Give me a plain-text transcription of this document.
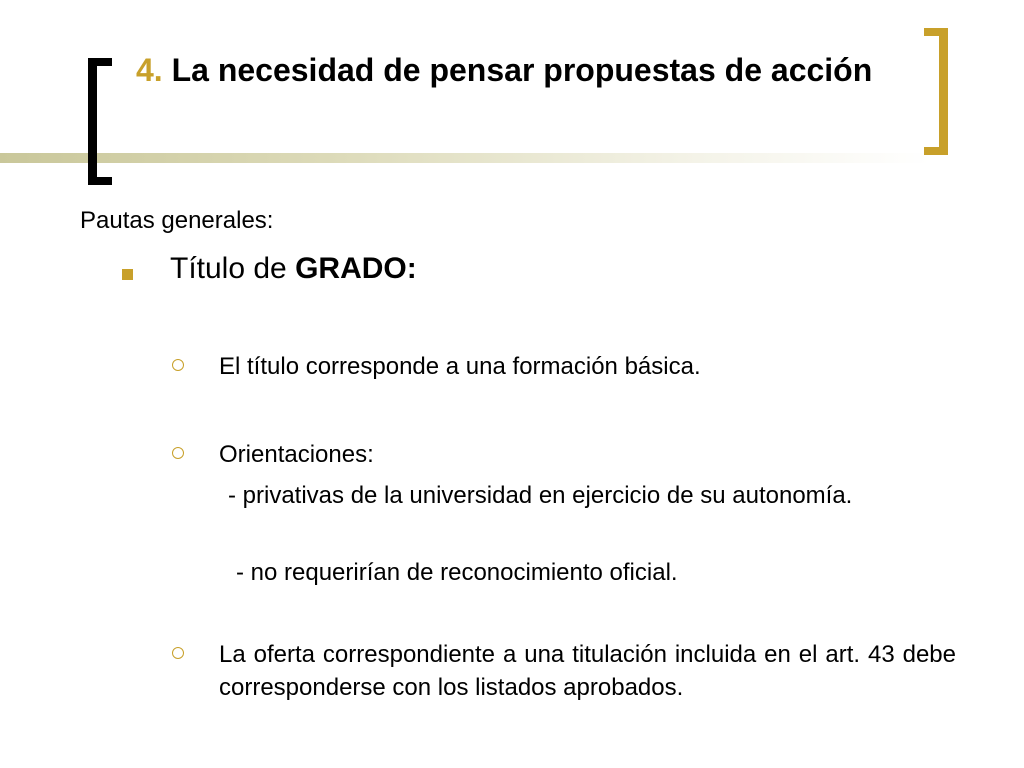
4. La necesidad de pensar propuestas de acción

Pautas generales:

Título de GRADO:
El título corresponde a una formación básica.
Orientaciones:
- privativas de la universidad en ejercicio de su autonomía.
- no requerirían de reconocimiento oficial.
La oferta correspondiente a una titulación incluida en el art. 43 debe corresponderse con los listados aprobados.
